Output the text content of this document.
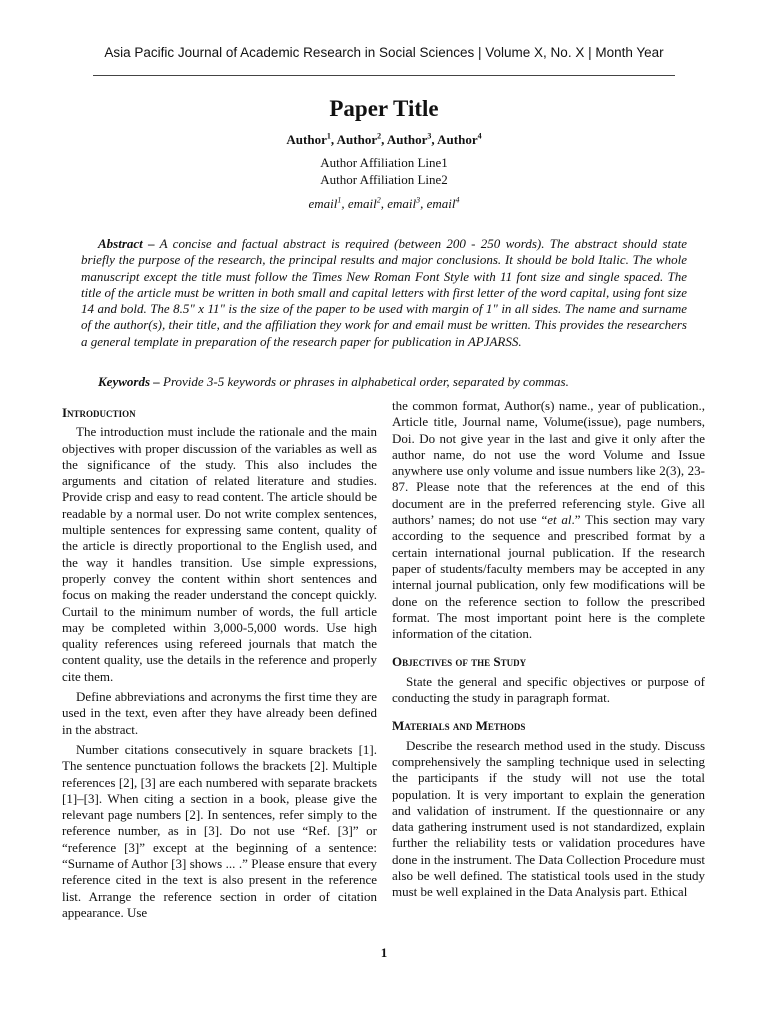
Asia Pacific Journal of Academic Research in Social Sciences | Volume X, No. X | Month Year
Paper Title
Author$^1$, Author$^2$, Author$^3$, Author$^4$
Author Affiliation Line1
Author Affiliation Line2
email$^1$, email$^2$, email$^3$, email$^4$

Abstract – A concise and factual abstract is required (between 200 - 250 words). The abstract should state briefly the purpose of the research, the principal results and major conclusions. It should be bold Italic. The whole manuscript except the title must follow the Times New Roman Font Style with 11 font size and single spaced. The title of the article must be written in both small and capital letters with first letter of the word capital, using font size 14 and bold. The 8.5" x 11" is the size of the paper to be used with margin of 1" in all sides. The name and surname of the author(s), their title, and the affiliation they work for and email must be written. This provides the researchers a general template in preparation of the research paper for publication in APJARSS.

Keywords – Provide 3-5 keywords or phrases in alphabetical order, separated by commas.

Introduction

The introduction must include the rationale and the main objectives with proper discussion of the variables as well as the significance of the study. This also includes the arguments and citation of related literature and studies. Provide crisp and easy to read content. The article should be readable by a normal user. Do not write complex sentences, multiple sentences for expressing same content, quality of the article is directly proportional to the English used, and the way it handles transition. Use simple expressions, properly convey the content within short sentences and focus on making the reader understand the concept quickly. Curtail to the minimum number of words, the full article may be completed within 3,000-5,000 words. Use high quality references using refereed journals that match the content quality, use the details in the reference and properly cite them.

Define abbreviations and acronyms the first time they are used in the text, even after they have already been defined in the abstract.

Number citations consecutively in square brackets [1]. The sentence punctuation follows the brackets [2]. Multiple references [2], [3] are each numbered with separate brackets [1]–[3]. When citing a section in a book, please give the relevant page numbers [2]. In sentences, refer simply to the reference number, as in [3]. Do not use “Ref. [3]” or “reference [3]” except at the beginning of a sentence: “Surname of Author [3] shows ... .” Please ensure that every reference cited in the text is also present in the reference list. Arrange the reference section in order of citation appearance. Use

the common format, Author(s) name., year of publication., Article title, Journal name, Volume(issue), page numbers, Doi. Do not give year in the last and give it only after the author name, do not use the word Volume and Issue anywhere use only volume and issue numbers like 2(3), 23-87. Please note that the references at the end of this document are in the preferred referencing style. Give all authors’ names; do not use “et al.” This section may vary according to the sequence and prescribed format by a certain international journal publication. If the research paper of students/faculty members may be accepted in any internal journal publication, only few modifications will be done on the reference section to follow the prescribed format. The most important point here is the complete information of the citation.

Objectives of the Study

State the general and specific objectives or purpose of conducting the study in paragraph format.

Materials and Methods

Describe the research method used in the study. Discuss comprehensively the sampling technique used in selecting the participants if the study will not use the total population. It is very important to explain the generation and validation of instrument. If the questionnaire or any data gathering instrument used is not standardized, explain further the reliability tests or validation procedures have done in the instrument. The Data Collection Procedure must also be well defined. The statistical tools used in the study must be well explained in the Data Analysis part. Ethical

1
